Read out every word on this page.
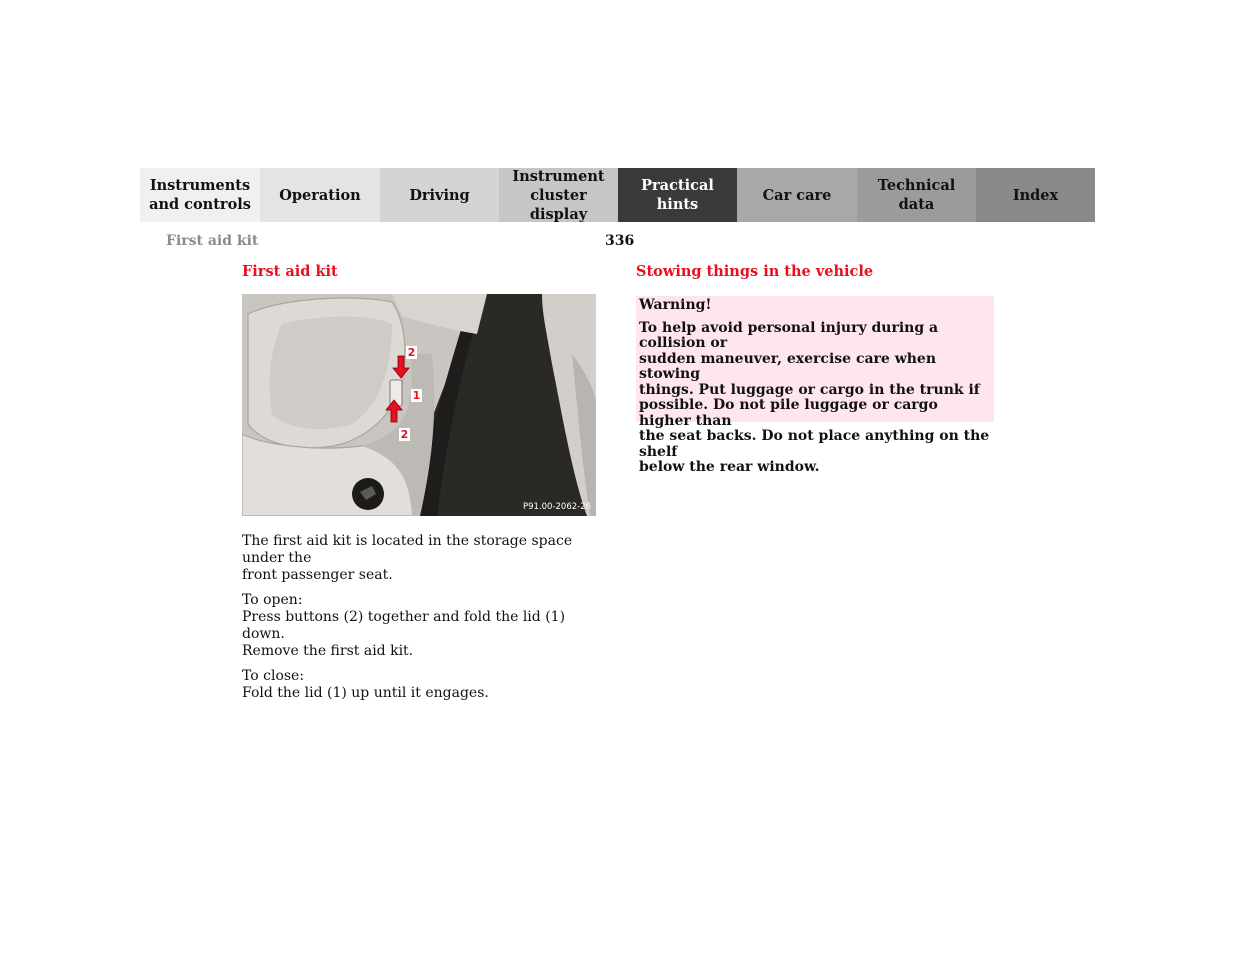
Instruments
and controls
Operation	Driving
Instrument
cluster display
Practical hints
Car care
Technical
data
Index
First aid kit	336
First aid kit
2
1
2
P91.00-2062-26

The first aid kit is located in the storage space under the
front passenger seat.

To open:
Press buttons (2) together and fold the lid (1) down.
Remove the first aid kit.

To close:
Fold the lid (1) up until it engages.

Stowing things in the vehicle
Warning!
To help avoid personal injury during a collision or
sudden maneuver, exercise care when stowing
things. Put luggage or cargo in the trunk if
possible. Do not pile luggage or cargo higher than
the seat backs. Do not place anything on the shelf
below the rear window.
